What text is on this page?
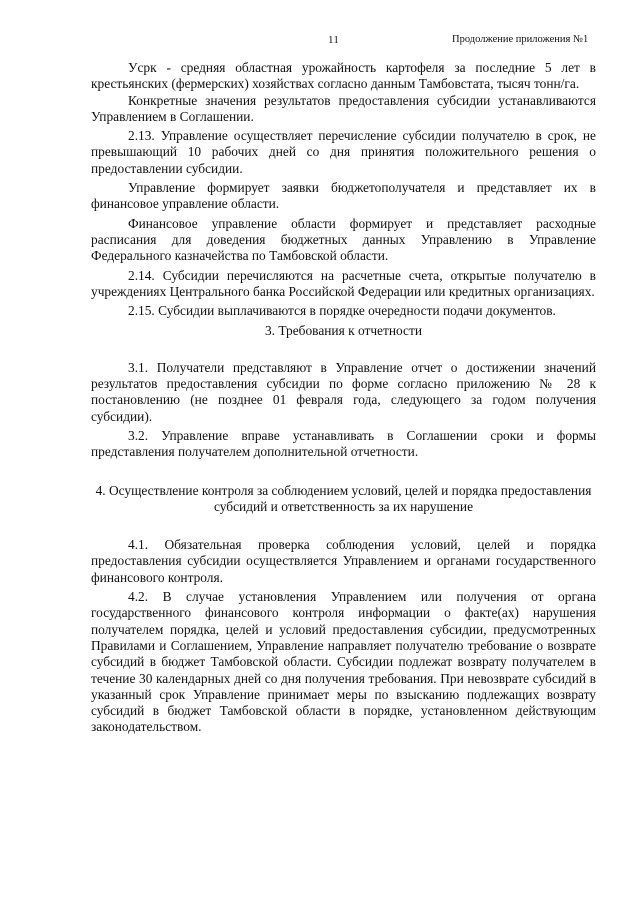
11	Продолжение приложения №1

Уcрк - средняя областная урожайность картофеля за последние 5 лет в крестьянских (фермерских) хозяйствах согласно данным Тамбовстата, тысяч тонн/га.

Конкретные значения результатов предоставления субсидии устанавливаются Управлением в Соглашении.

2.13. Управление осуществляет перечисление субсидии получателю в срок, не превышающий 10 рабочих дней со дня принятия положительного решения о предоставлении субсидии.

Управление формирует заявки бюджетополучателя и представляет их в финансовое управление области.

Финансовое управление области формирует и представляет расходные расписания для доведения бюджетных данных Управлению в Управление Федерального казначейства по Тамбовской области.

2.14. Субсидии перечисляются на расчетные счета, открытые получателю в учреждениях Центрального банка Российской Федерации или кредитных организациях.

2.15. Субсидии выплачиваются в порядке очередности подачи документов.

3. Требования к отчетности

3.1. Получатели представляют в Управление отчет о достижении значений результатов предоставления субсидии по форме согласно приложению № 28 к постановлению (не позднее 01 февраля года, следующего за годом получения субсидии).

3.2. Управление вправе устанавливать в Соглашении сроки и формы представления получателем дополнительной отчетности.

4. Осуществление контроля за соблюдением условий, целей и порядка предоставления субсидий и ответственность за их нарушение

4.1. Обязательная проверка соблюдения условий, целей и порядка предоставления субсидии осуществляется Управлением и органами государственного финансового контроля.

4.2. В случае установления Управлением или получения от органа государственного финансового контроля информации о факте(ах) нарушения получателем порядка, целей и условий предоставления субсидии, предусмотренных Правилами и Соглашением, Управление направляет получателю требование о возврате субсидий в бюджет Тамбовской области. Субсидии подлежат возврату получателем в течение 30 календарных дней со дня получения требования. При невозврате субсидий в указанный срок Управление принимает меры по взысканию подлежащих возврату субсидий в бюджет Тамбовской области в порядке, установленном действующим законодательством.
